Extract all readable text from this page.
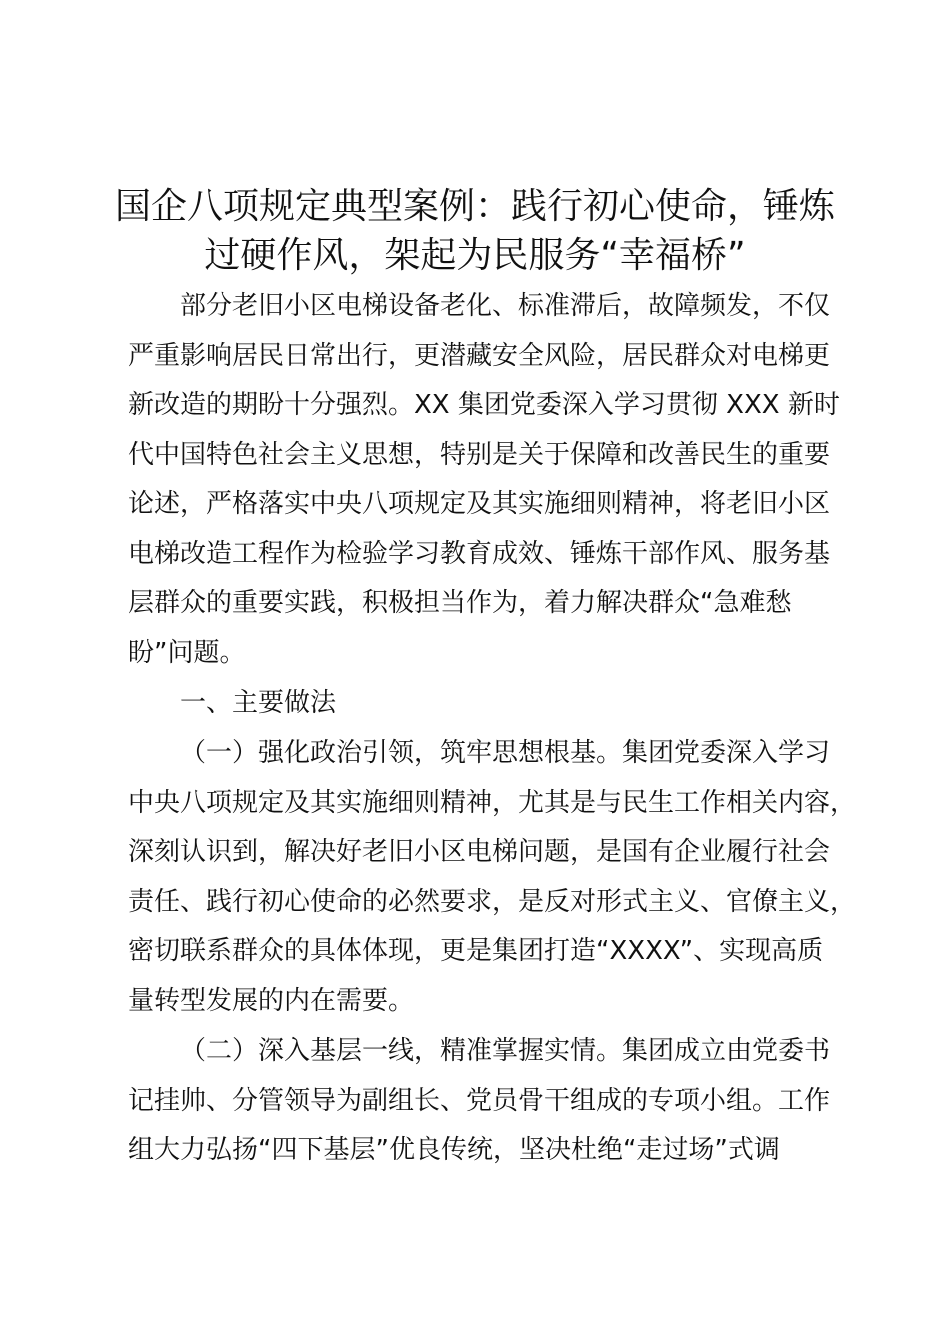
国企八项规定典型案例：践行初心使命，锤炼
过硬作风，架起为民服务“幸福桥”

部分老旧小区电梯设备老化、标准滞后，故障频发，不仅

严重影响居民日常出行，更潜藏安全风险，居民群众对电梯更

新改造的期盼十分强烈。XX 集团党委深入学习贯彻 XXX 新时

代中国特色社会主义思想，特别是关于保障和改善民生的重要

论述，严格落实中央八项规定及其实施细则精神，将老旧小区

电梯改造工程作为检验学习教育成效、锤炼干部作风、服务基

层群众的重要实践，积极担当作为，着力解决群众“急难愁

盼”问题。

一、主要做法

（一）强化政治引领，筑牢思想根基。集团党委深入学习

中央八项规定及其实施细则精神，尤其是与民生工作相关内容，

深刻认识到，解决好老旧小区电梯问题，是国有企业履行社会

责任、践行初心使命的必然要求，是反对形式主义、官僚主义，

密切联系群众的具体体现，更是集团打造“XXXX”、实现高质

量转型发展的内在需要。

（二）深入基层一线，精准掌握实情。集团成立由党委书

记挂帅、分管领导为副组长、党员骨干组成的专项小组。工作

组大力弘扬“四下基层”优良传统，坚决杜绝“走过场”式调
